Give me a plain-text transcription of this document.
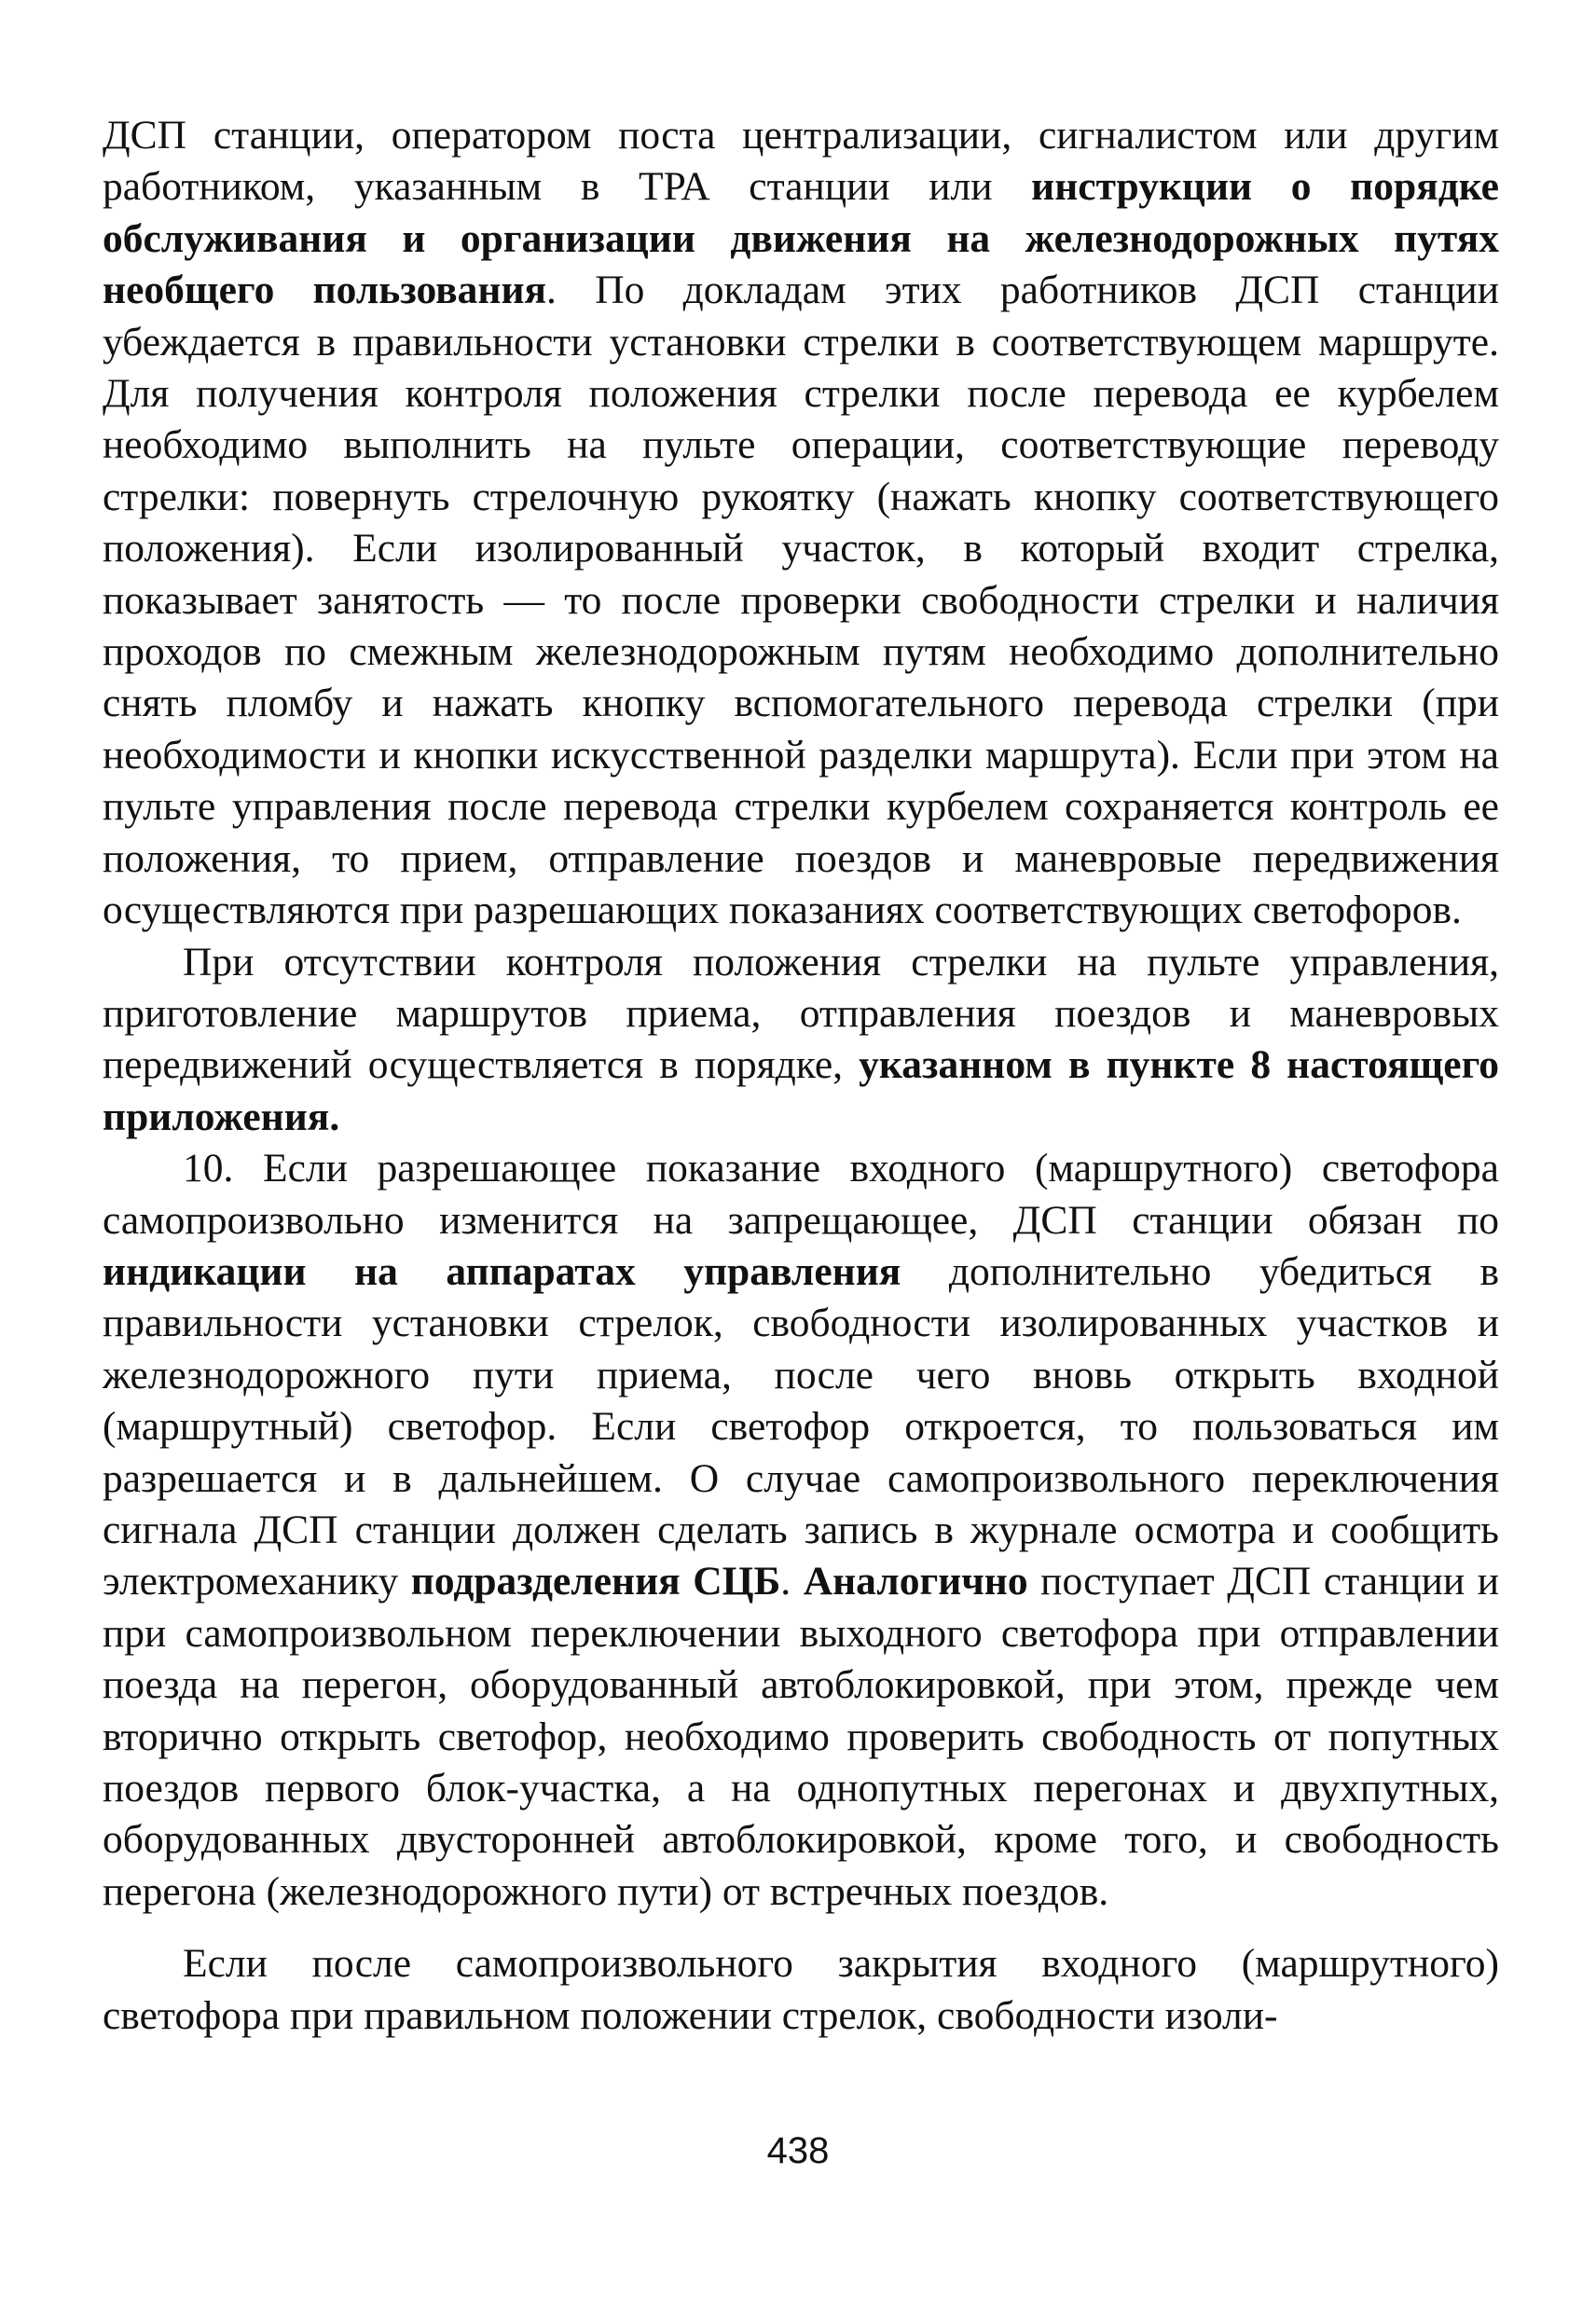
ДСП станции, оператором поста централизации, сигналистом или другим работником, указанным в ТРА станции или инструкции о порядке обслуживания и организации движения на железнодорожных путях необщего пользования. По докладам этих работников ДСП станции убеждается в правильности установки стрелки в соответствующем маршруте. Для получения контроля положения стрелки после перевода ее курбелем необходимо выполнить на пульте операции, соответствующие переводу стрелки: повернуть стрелочную рукоятку (нажать кнопку соответствующего положения). Если изолированный участок, в который входит стрелка, показывает занятость — то после проверки свободности стрелки и наличия проходов по смежным железнодорожным путям необходимо дополнительно снять пломбу и нажать кнопку вспомогательного перевода стрелки (при необходимости и кнопки искусственной разделки маршрута). Если при этом на пульте управления после перевода стрелки курбелем сохраняется контроль ее положения, то прием, отправление поездов и маневровые передвижения осуществляются при разрешающих показаниях соответствующих светофоров.

При отсутствии контроля положения стрелки на пульте управления, приготовление маршрутов приема, отправления поездов и маневровых передвижений осуществляется в порядке, указанном в пункте 8 настоящего приложения.

10. Если разрешающее показание входного (маршрутного) светофора самопроизвольно изменится на запрещающее, ДСП станции обязан по индикации на аппаратах управления дополнительно убедиться в правильности установки стрелок, свободности изолированных участков и железнодорожного пути приема, после чего вновь открыть входной (маршрутный) светофор. Если светофор откроется, то пользоваться им разрешается и в дальнейшем. О случае самопроизвольного переключения сигнала ДСП станции должен сделать запись в журнале осмотра и сообщить электромеханику подразделения СЦБ. Аналогично поступает ДСП станции и при самопроизвольном переключении выходного светофора при отправлении поезда на перегон, оборудованный автоблокировкой, при этом, прежде чем вторично открыть светофор, необходимо проверить свободность от попутных поездов первого блок-участка, а на однопутных перегонах и двухпутных, оборудованных двусторонней автоблокировкой, кроме того, и свободность перегона (железнодорожного пути) от встречных поездов.

Если после самопроизвольного закрытия входного (маршрутного) светофора при правильном положении стрелок, свободности изоли-

438
